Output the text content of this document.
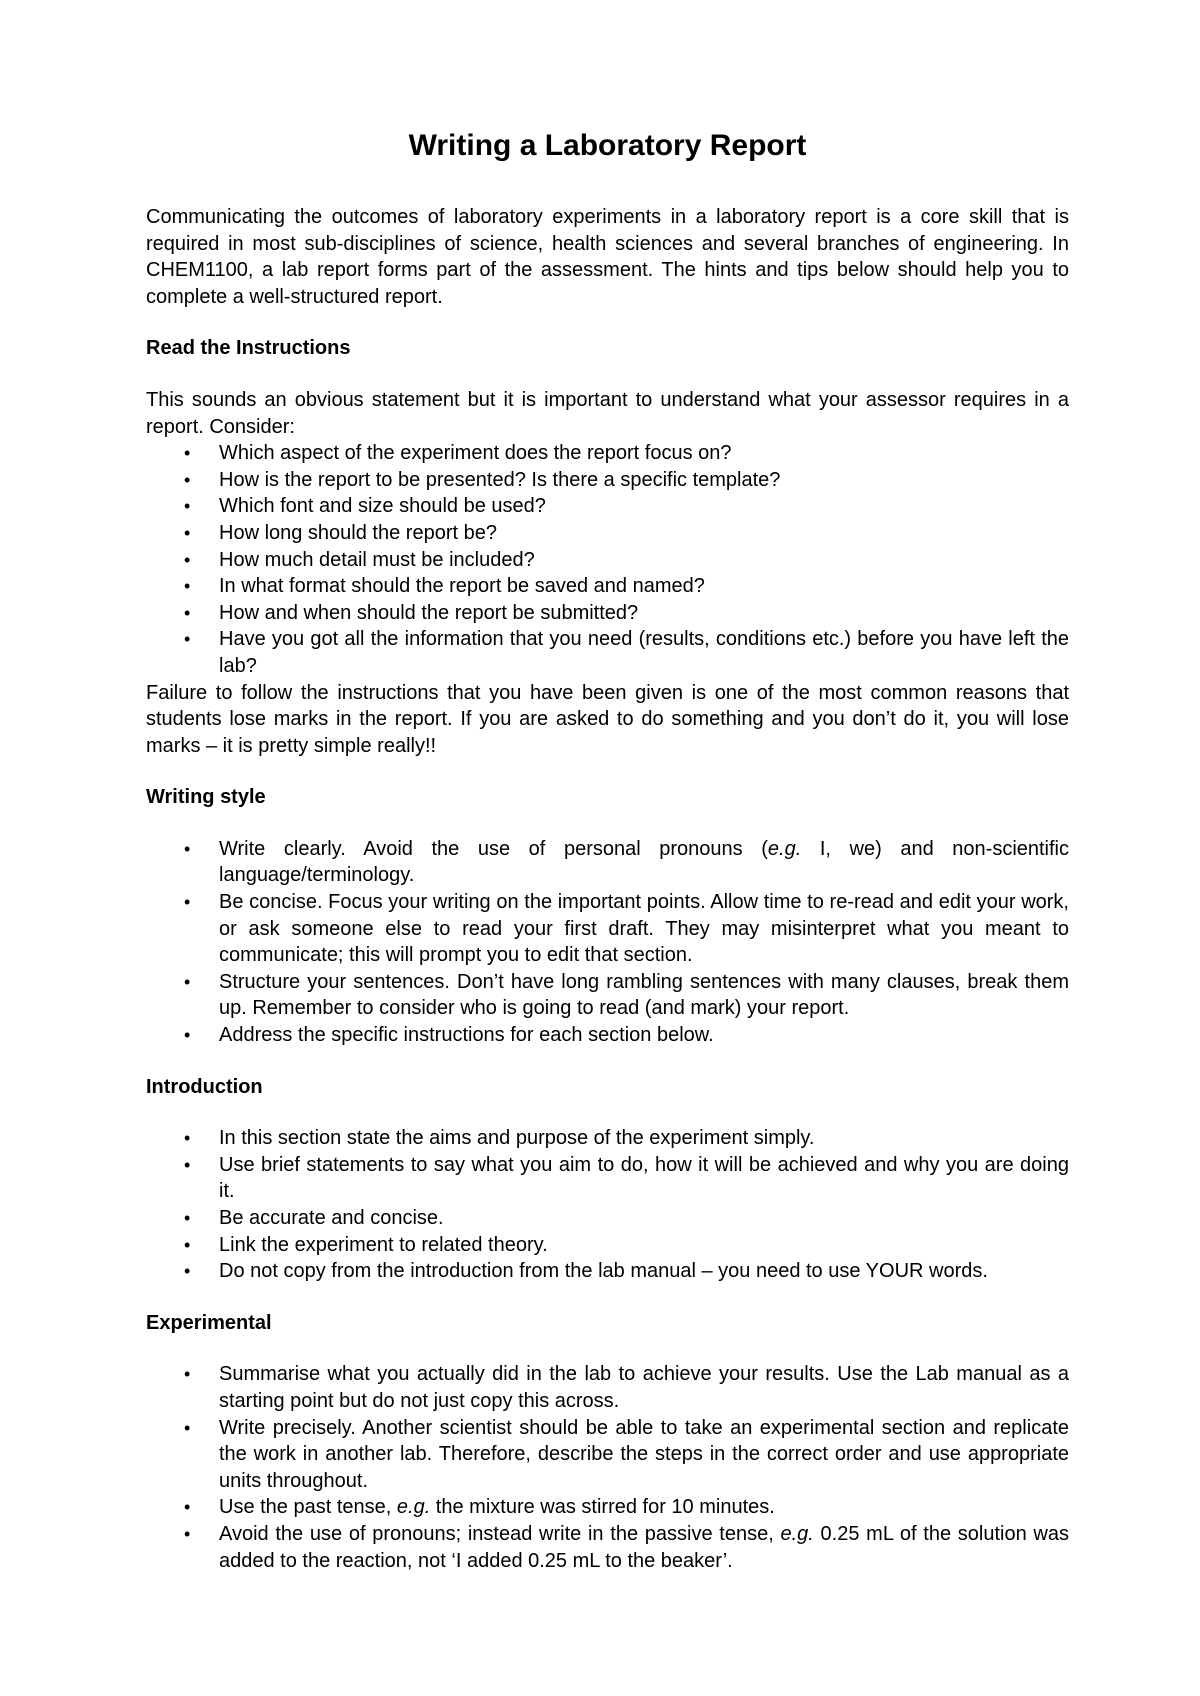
Writing a Laboratory Report

Communicating the outcomes of laboratory experiments in a laboratory report is a core skill that is required in most sub-disciplines of science, health sciences and several branches of engineering. In CHEM1100, a lab report forms part of the assessment. The hints and tips below should help you to complete a well-structured report.

Read the Instructions

This sounds an obvious statement but it is important to understand what your assessor requires in a report. Consider:

• Which aspect of the experiment does the report focus on?
• How is the report to be presented? Is there a specific template?
• Which font and size should be used?
• How long should the report be?
• How much detail must be included?
• In what format should the report be saved and named?
• How and when should the report be submitted?
• Have you got all the information that you need (results, conditions etc.) before you have left the lab?

Failure to follow the instructions that you have been given is one of the most common reasons that students lose marks in the report. If you are asked to do something and you don’t do it, you will lose marks – it is pretty simple really!!

Writing style
• Write clearly. Avoid the use of personal pronouns (e.g. I, we) and non-scientific language/terminology.
• Be concise. Focus your writing on the important points. Allow time to re-read and edit your work, or ask someone else to read your first draft. They may misinterpret what you meant to communicate; this will prompt you to edit that section.
• Structure your sentences. Don’t have long rambling sentences with many clauses, break them up. Remember to consider who is going to read (and mark) your report.
• Address the specific instructions for each section below.
Introduction
• In this section state the aims and purpose of the experiment simply.
• Use brief statements to say what you aim to do, how it will be achieved and why you are doing it.
• Be accurate and concise.
• Link the experiment to related theory.
• Do not copy from the introduction from the lab manual – you need to use YOUR words.
Experimental
• Summarise what you actually did in the lab to achieve your results. Use the Lab manual as a starting point but do not just copy this across.
• Write precisely. Another scientist should be able to take an experimental section and replicate the work in another lab. Therefore, describe the steps in the correct order and use appropriate units throughout.
• Use the past tense, e.g. the mixture was stirred for 10 minutes.
• Avoid the use of pronouns; instead write in the passive tense, e.g. 0.25 mL of the solution was added to the reaction, not ‘I added 0.25 mL to the beaker’.
